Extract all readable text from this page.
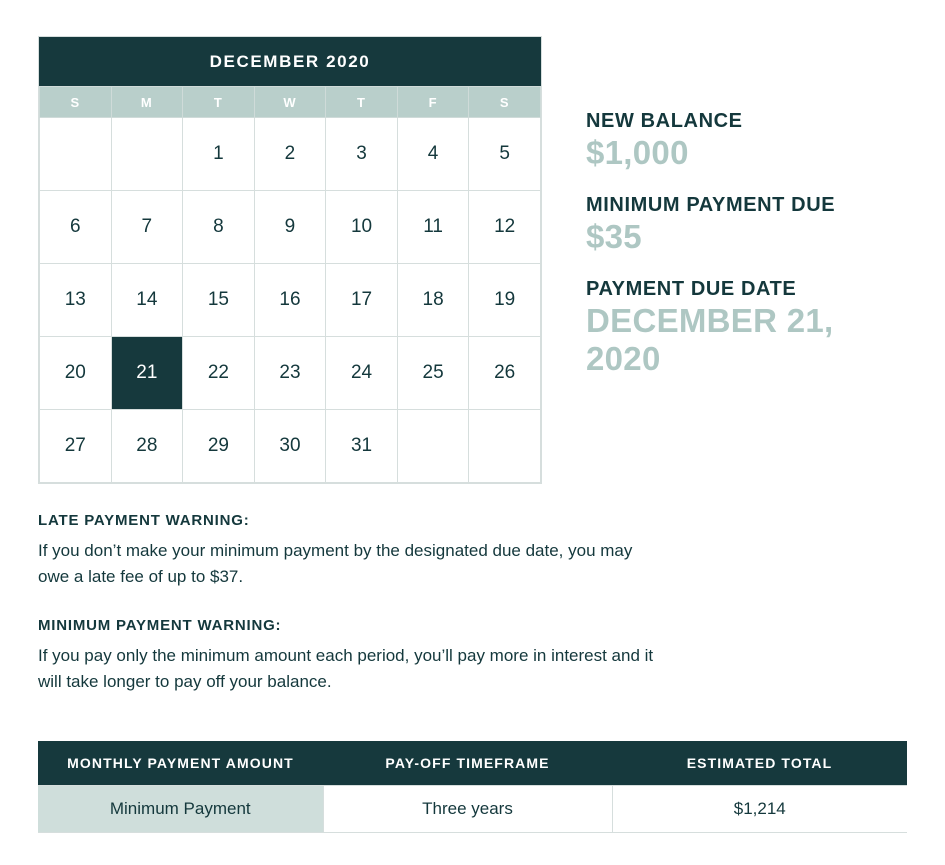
DECEMBER 2020
S	M	T	W	T	F	S
		1	2	3	4	5
6	7	8	9	10	11	12
13	14	15	16	17	18	19
20	21	22	23	24	25	26
27	28	29	30	31		
NEW BALANCE
$1,000
MINIMUM PAYMENT DUE
$35
PAYMENT DUE DATE
DECEMBER 21, 2020
LATE PAYMENT WARNING:
If you don’t make your minimum payment by the designated due date, you may owe a late fee of up to $37.
MINIMUM PAYMENT WARNING:
If you pay only the minimum amount each period, you’ll pay more in interest and it will take longer to pay off your balance.
MONTHLY PAYMENT AMOUNT	PAY-OFF TIMEFRAME	ESTIMATED TOTAL
Minimum Payment	Three years	$1,214
